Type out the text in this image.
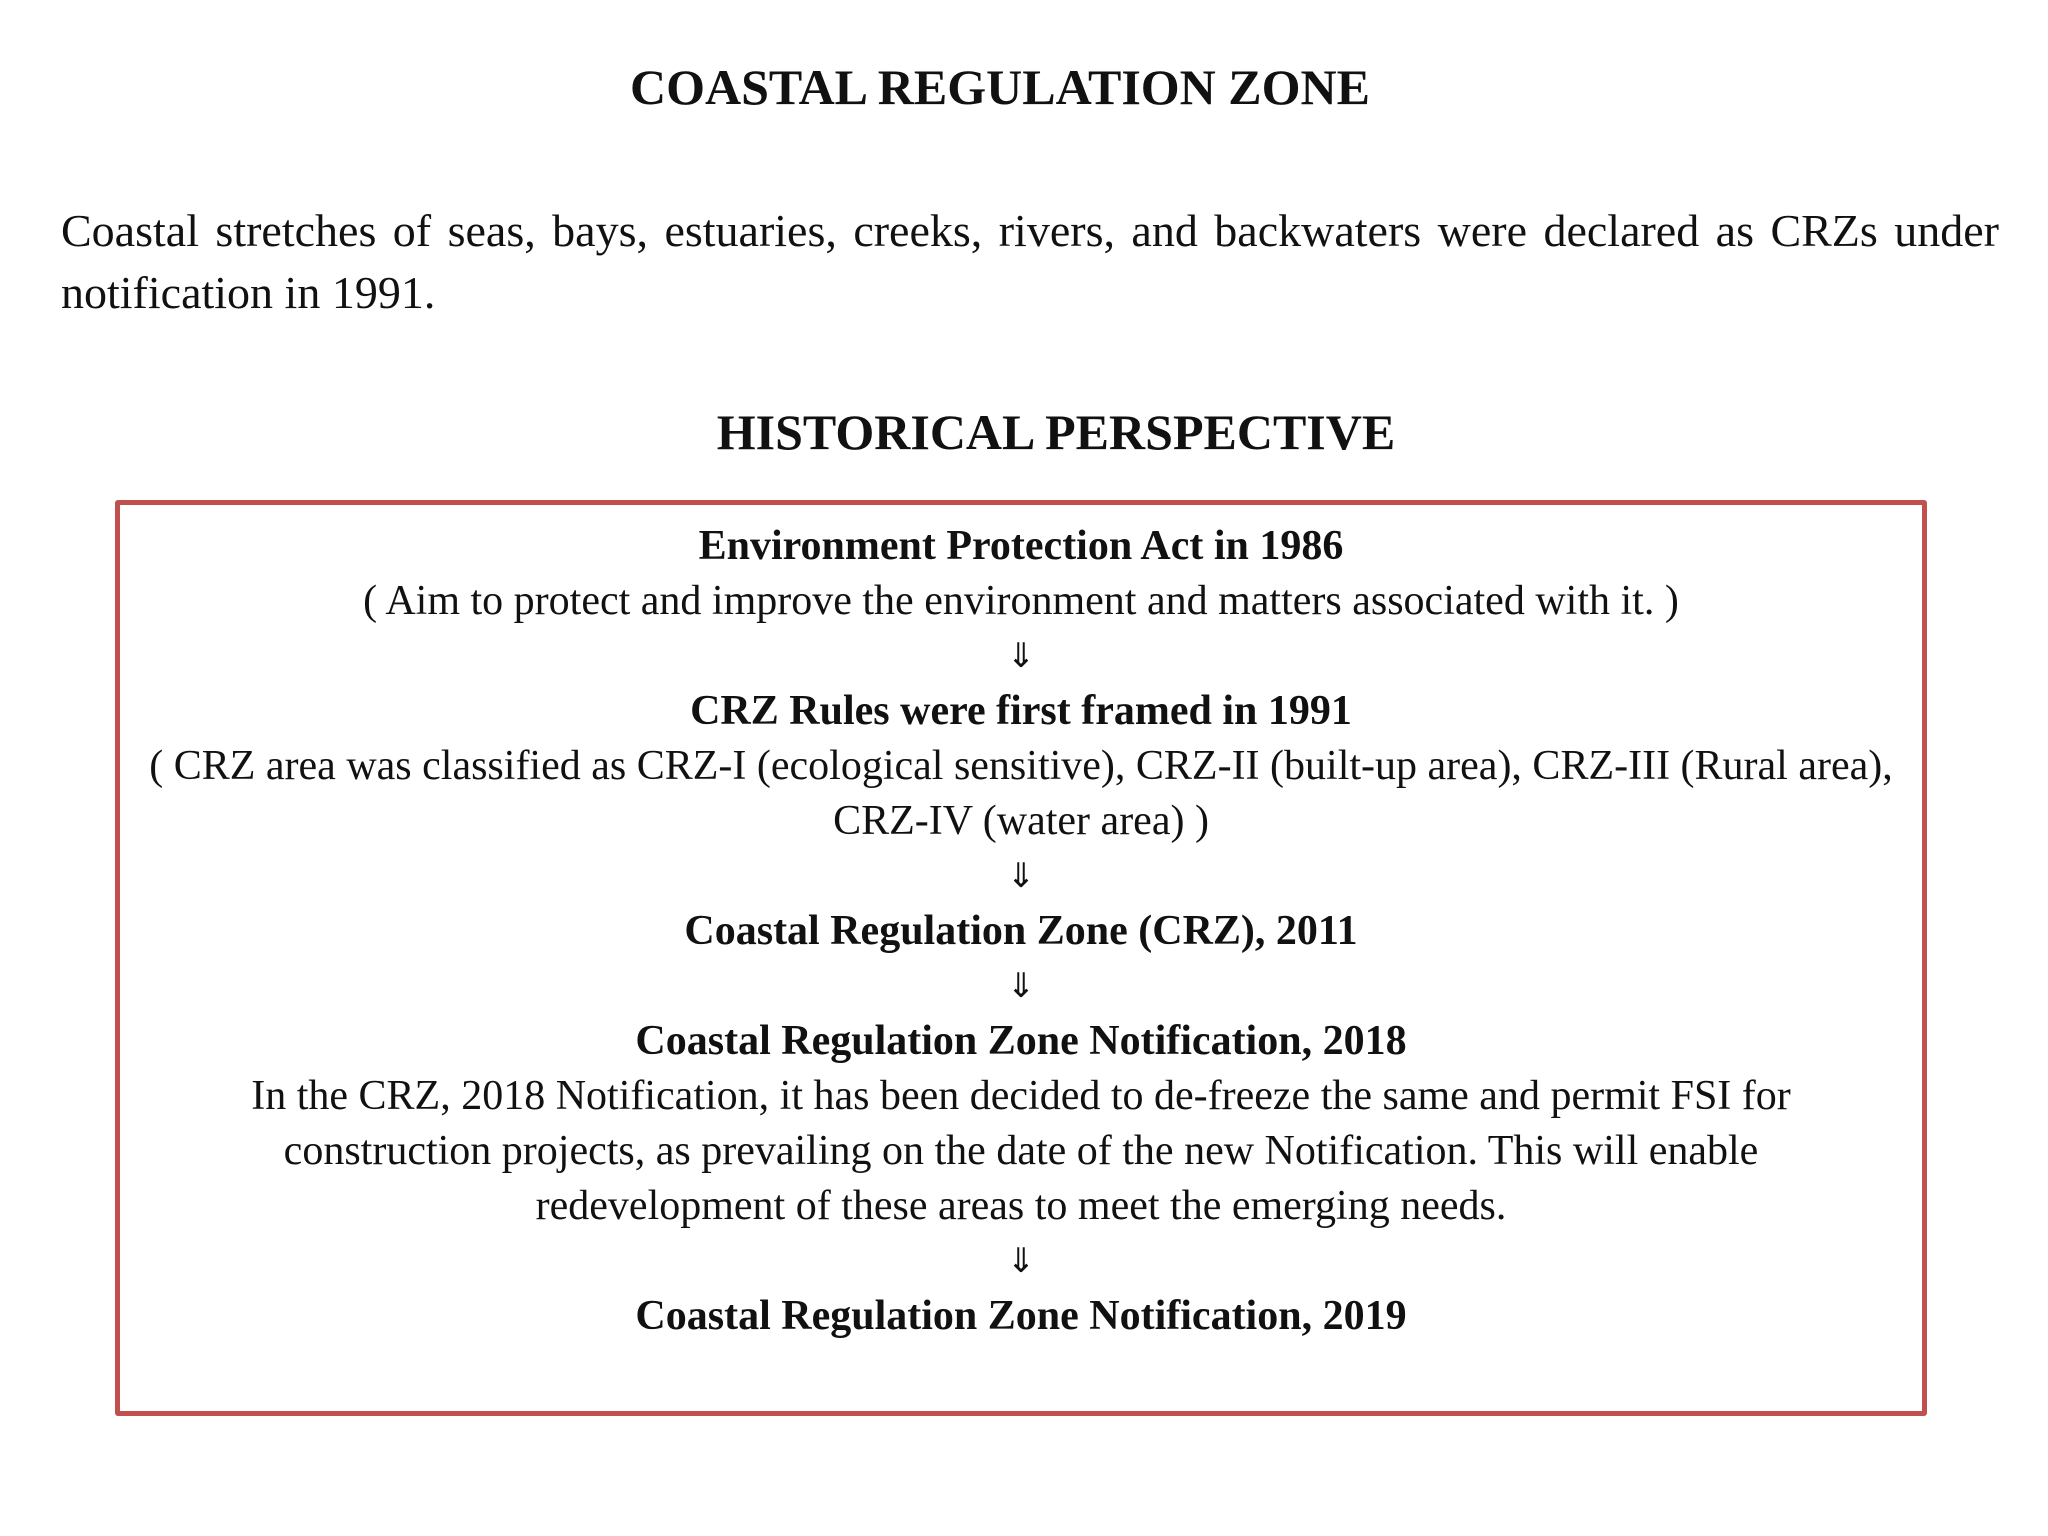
COASTAL REGULATION ZONE

Coastal stretches of seas, bays, estuaries, creeks, rivers, and backwaters were declared as CRZs under notification in 1991.

HISTORICAL PERSPECTIVE
Environment Protection Act in 1986
( Aim to protect and improve the environment and matters associated with it. )
⇓
CRZ Rules were first framed in 1991
( CRZ area was classified as CRZ-I (ecological sensitive), CRZ-II (built-up area), CRZ-III (Rural area), CRZ-IV (water area) )
⇓
Coastal Regulation Zone (CRZ), 2011
⇓
Coastal Regulation Zone Notification, 2018
In the CRZ, 2018 Notification, it has been decided to de-freeze the same and permit FSI for construction projects, as prevailing on the date of the new Notification. This will enable redevelopment of these areas to meet the emerging needs.
⇓
Coastal Regulation Zone Notification, 2019
